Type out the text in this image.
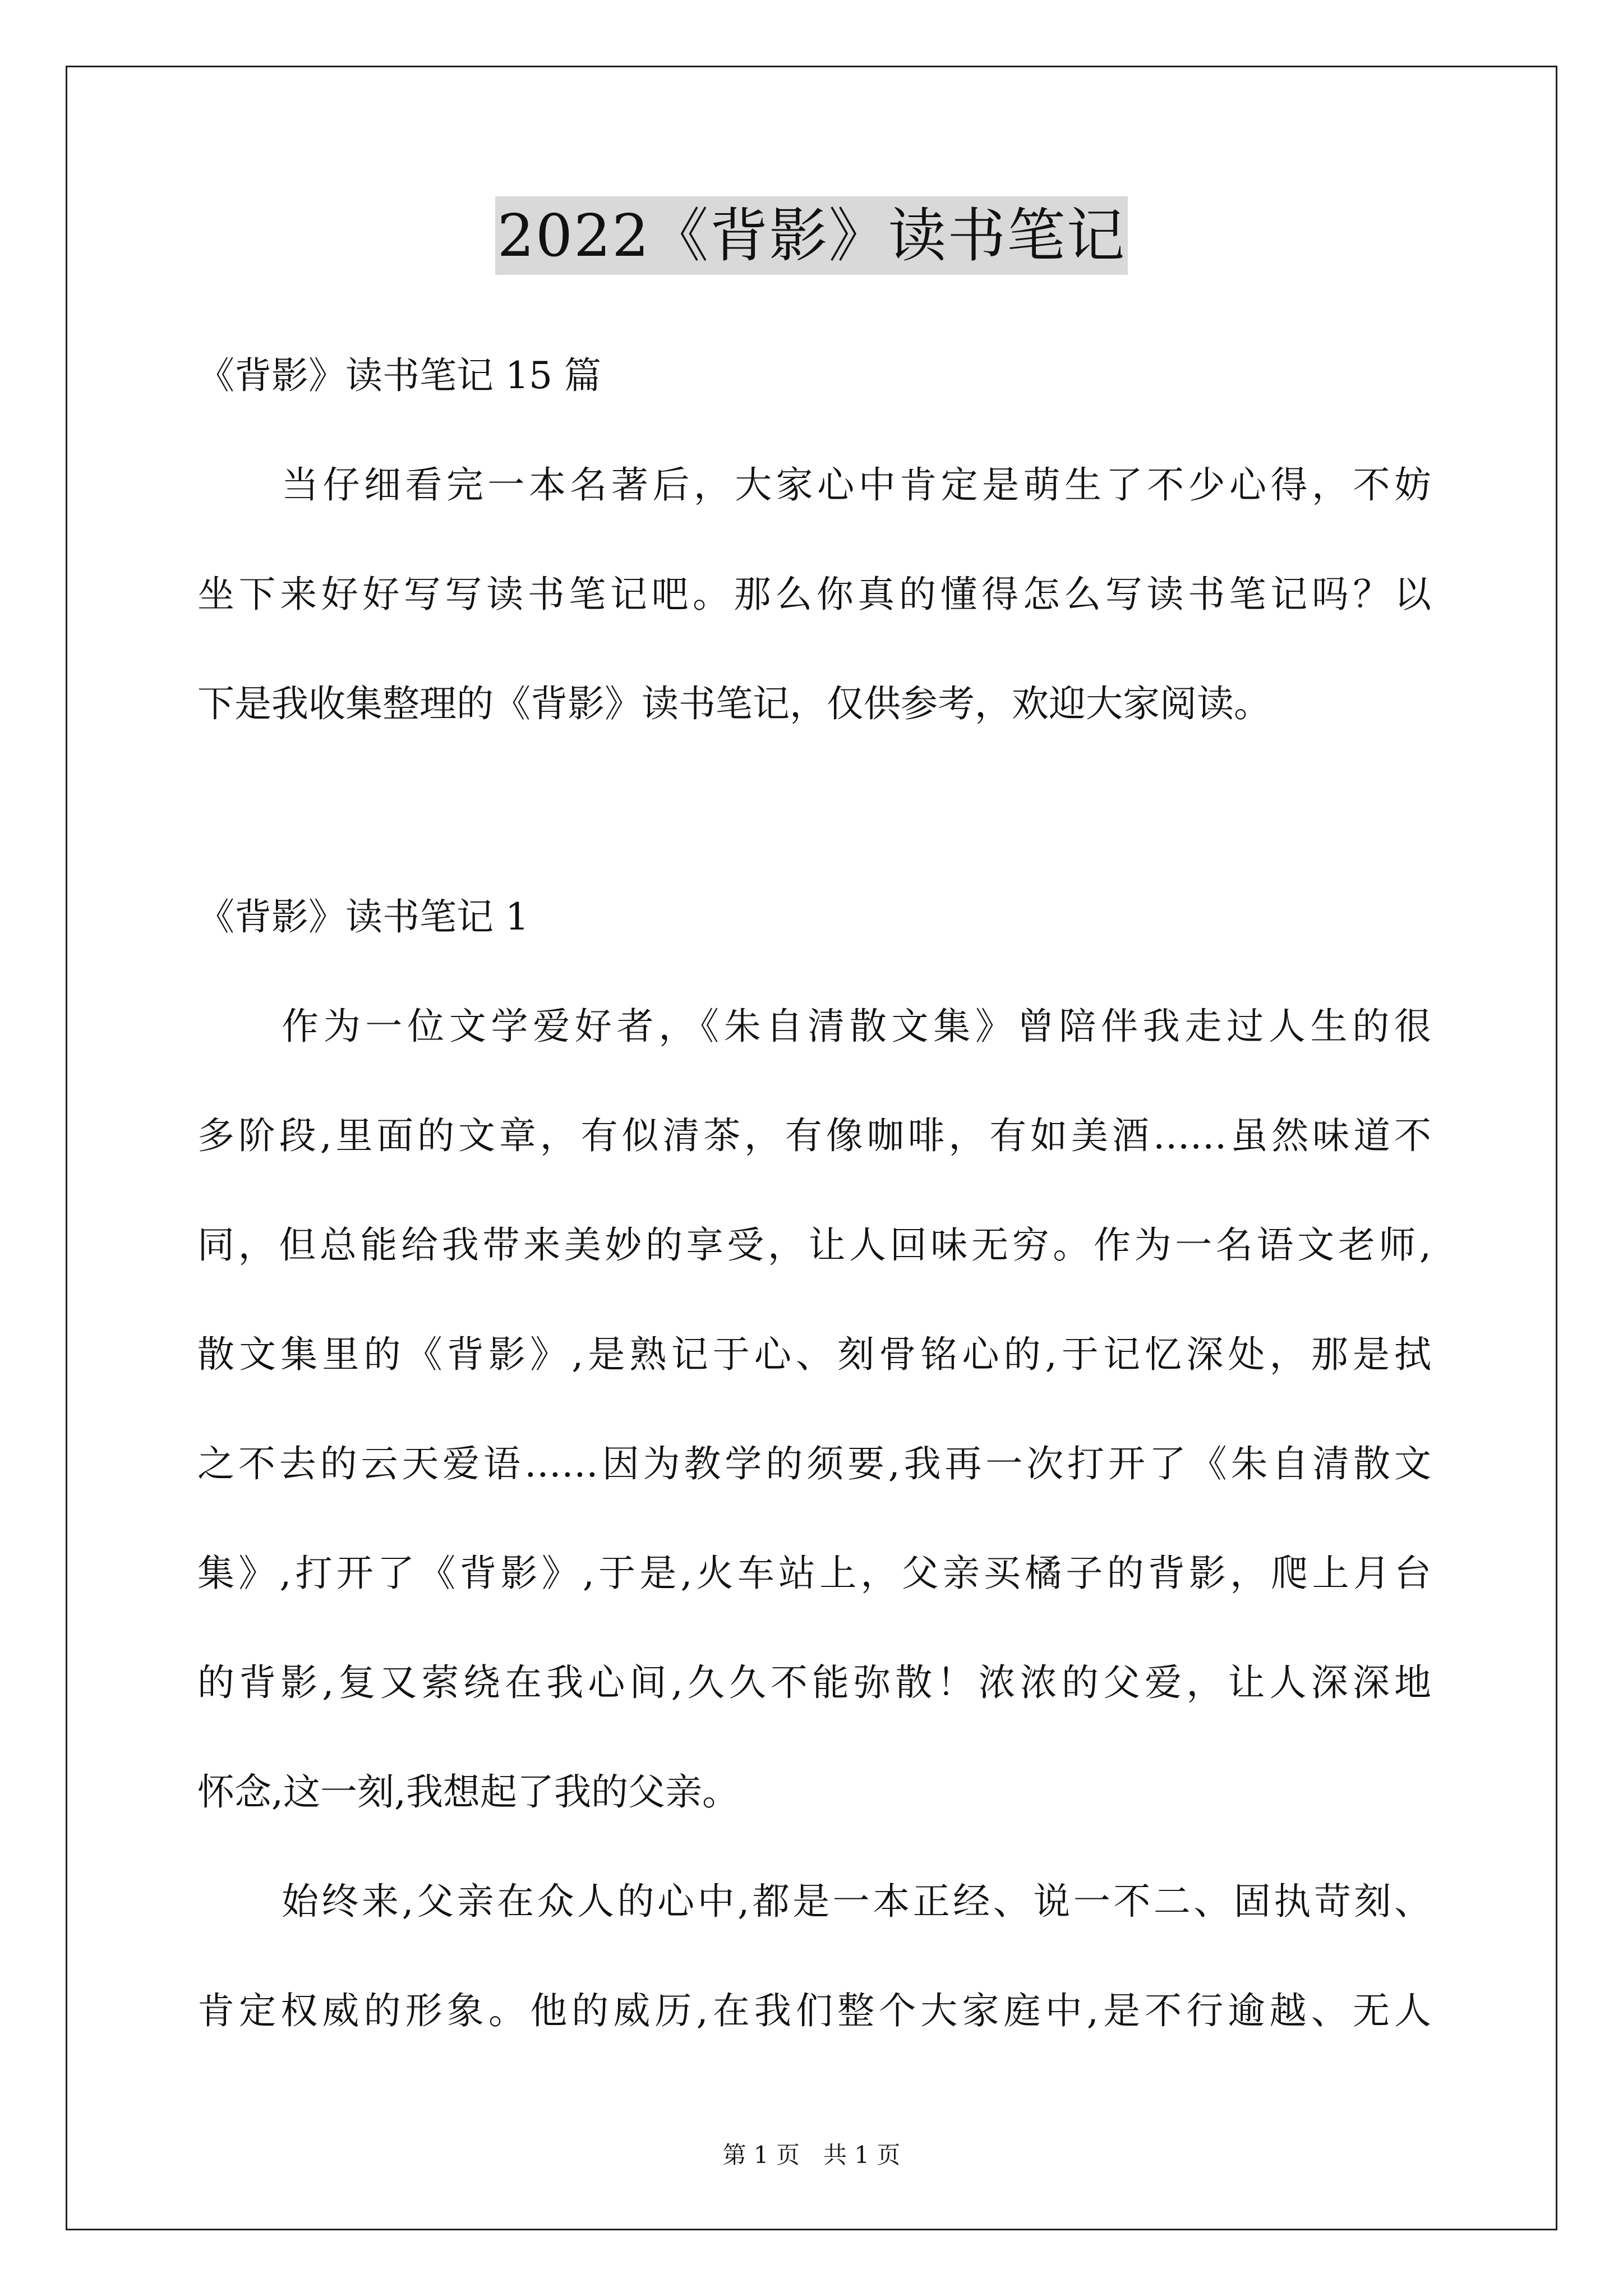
2022《背影》读书笔记
《背影》读书笔记 15 篇
当仔细看完一本名著后，大家心中肯定是萌生了不少心得，不妨
坐下来好好写写读书笔记吧。那么你真的懂得怎么写读书笔记吗？以
下是我收集整理的《背影》读书笔记，仅供参考，欢迎大家阅读。
《背影》读书笔记 1
作为一位文学爱好者，《朱自清散文集》曾陪伴我走过人生的很
多阶段,里面的文章，有似清茶，有像咖啡，有如美酒……虽然味道不
同，但总能给我带来美妙的享受，让人回味无穷。作为一名语文老师,
散文集里的《背影》,是熟记于心、刻骨铭心的,于记忆深处，那是拭
之不去的云天爱语……因为教学的须要,我再一次打开了《朱自清散文
集》,打开了《背影》,于是,火车站上，父亲买橘子的背影，爬上月台
的背影,复又萦绕在我心间,久久不能弥散！浓浓的父爱，让人深深地
怀念,这一刻,我想起了我的父亲。
始终来,父亲在众人的心中,都是一本正经、说一不二、固执苛刻、
肯定权威的形象。他的威历,在我们整个大家庭中,是不行逾越、无人
第 1 页　共 1 页
